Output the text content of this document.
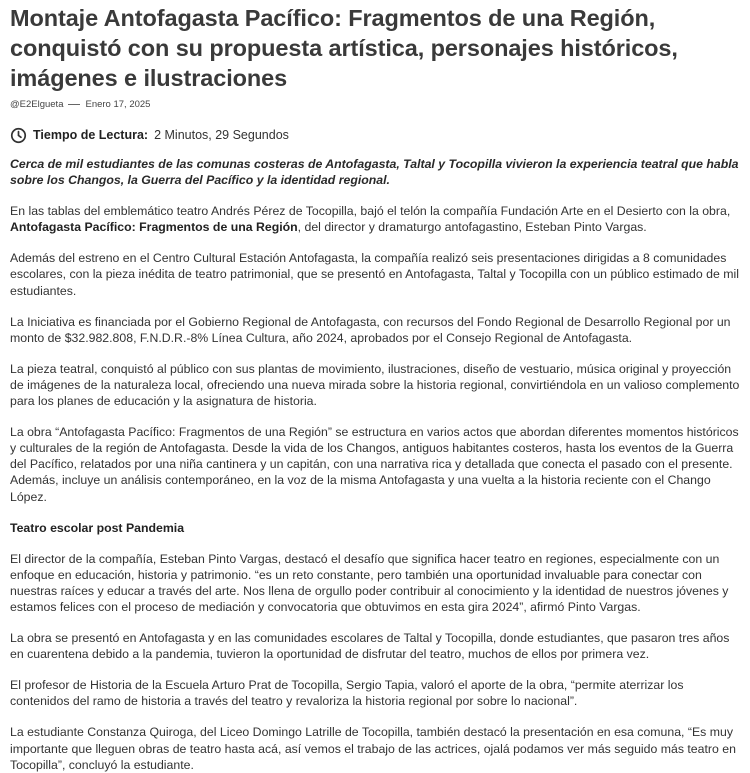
Montaje Antofagasta Pacífico: Fragmentos de una Región, conquistó con su propuesta artística, personajes históricos, imágenes e ilustraciones
@E2Elgueta Enero 17, 2025
Tiempo de Lectura: 2 Minutos, 29 Segundos

Cerca de mil estudiantes de las comunas costeras de Antofagasta, Taltal y Tocopilla vivieron la experiencia teatral que habla sobre los Changos, la Guerra del Pacífico y la identidad regional.

En las tablas del emblemático teatro Andrés Pérez de Tocopilla, bajó el telón la compañía Fundación Arte en el Desierto con la obra, Antofagasta Pacífico: Fragmentos de una Región, del director y dramaturgo antofagastino, Esteban Pinto Vargas.

Además del estreno en el Centro Cultural Estación Antofagasta, la compañía realizó seis presentaciones dirigidas a 8 comunidades escolares, con la pieza inédita de teatro patrimonial, que se presentó en Antofagasta, Taltal y Tocopilla con un público estimado de mil estudiantes.

La Iniciativa es financiada por el Gobierno Regional de Antofagasta, con recursos del Fondo Regional de Desarrollo Regional por un monto de $32.982.808, F.N.D.R.-8% Línea Cultura, año 2024, aprobados por el Consejo Regional de Antofagasta.

La pieza teatral, conquistó al público con sus plantas de movimiento, ilustraciones, diseño de vestuario, música original y proyección de imágenes de la naturaleza local, ofreciendo una nueva mirada sobre la historia regional, convirtiéndola en un valioso complemento para los planes de educación y la asignatura de historia.

La obra “Antofagasta Pacífico: Fragmentos de una Región” se estructura en varios actos que abordan diferentes momentos históricos y culturales de la región de Antofagasta. Desde la vida de los Changos, antiguos habitantes costeros, hasta los eventos de la Guerra del Pacífico, relatados por una niña cantinera y un capitán, con una narrativa rica y detallada que conecta el pasado con el presente. Además, incluye un análisis contemporáneo, en la voz de la misma Antofagasta y una vuelta a la historia reciente con el Chango López.

Teatro escolar post Pandemia

El director de la compañía, Esteban Pinto Vargas, destacó el desafío que significa hacer teatro en regiones, especialmente con un enfoque en educación, historia y patrimonio. “es un reto constante, pero también una oportunidad invaluable para conectar con nuestras raíces y educar a través del arte. Nos llena de orgullo poder contribuir al conocimiento y la identidad de nuestros jóvenes y estamos felices con el proceso de mediación y convocatoria que obtuvimos en esta gira 2024”, afirmó Pinto Vargas.

La obra se presentó en Antofagasta y en las comunidades escolares de Taltal y Tocopilla, donde estudiantes, que pasaron tres años en cuarentena debido a la pandemia, tuvieron la oportunidad de disfrutar del teatro, muchos de ellos por primera vez.

El profesor de Historia de la Escuela Arturo Prat de Tocopilla, Sergio Tapia, valoró el aporte de la obra, “permite aterrizar los contenidos del ramo de historia a través del teatro y revaloriza la historia regional por sobre lo nacional”.

La estudiante Constanza Quiroga, del Liceo Domingo Latrille de Tocopilla, también destacó la presentación en esa comuna, “Es muy importante que lleguen obras de teatro hasta acá, así vemos el trabajo de las actrices, ojalá podamos ver más seguido más teatro en Tocopilla”, concluyó la estudiante.
